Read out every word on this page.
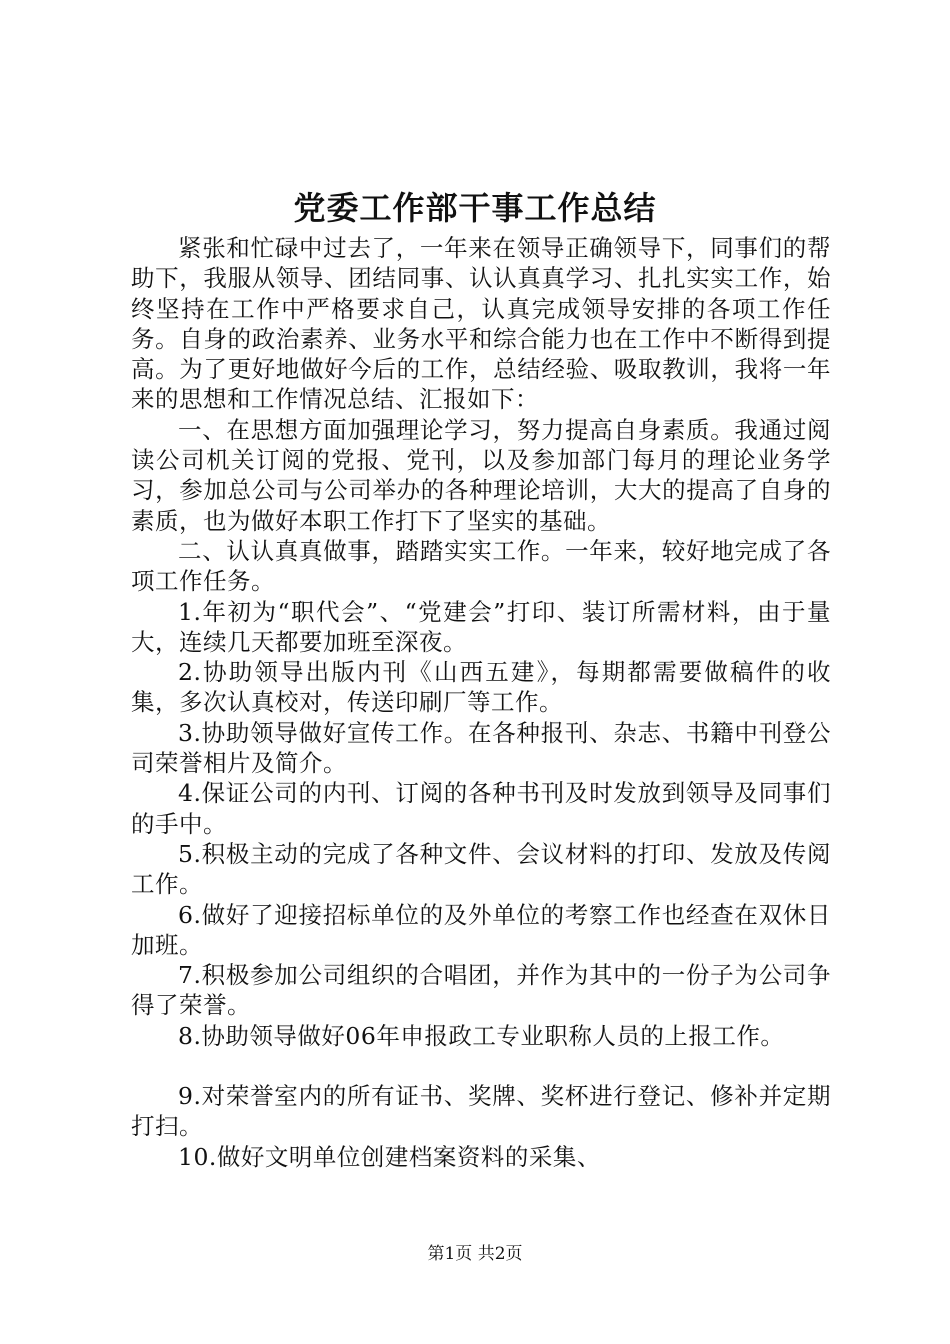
党委工作部干事工作总结

紧张和忙碌中过去了，一年来在领导正确领导下，同事们的帮助下，我服从领导、团结同事、认认真真学习、扎扎实实工作，始终坚持在工作中严格要求自己，认真完成领导安排的各项工作任务。自身的政治素养、业务水平和综合能力也在工作中不断得到提高。为了更好地做好今后的工作，总结经验、吸取教训，我将一年来的思想和工作情况总结、汇报如下：

一、在思想方面加强理论学习，努力提高自身素质。我通过阅读公司机关订阅的党报、党刊，以及参加部门每月的理论业务学习，参加总公司与公司举办的各种理论培训，大大的提高了自身的素质，也为做好本职工作打下了坚实的基础。

二、认认真真做事，踏踏实实工作。一年来，较好地完成了各项工作任务。

1.年初为“职代会”、“党建会”打印、装订所需材料，由于量大，连续几天都要加班至深夜。

2.协助领导出版内刊《山西五建》，每期都需要做稿件的收集，多次认真校对，传送印刷厂等工作。

3.协助领导做好宣传工作。在各种报刊、杂志、书籍中刊登公司荣誉相片及简介。

4.保证公司的内刊、订阅的各种书刊及时发放到领导及同事们的手中。

5.积极主动的完成了各种文件、会议材料的打印、发放及传阅工作。

6.做好了迎接招标单位的及外单位的考察工作也经查在双休日加班。

7.积极参加公司组织的合唱团，并作为其中的一份子为公司争得了荣誉。

8.协助领导做好06年申报政工专业职称人员的上报工作。

9.对荣誉室内的所有证书、奖牌、奖杯进行登记、修补并定期打扫。

10.做好文明单位创建档案资料的采集、

第1页 共2页
